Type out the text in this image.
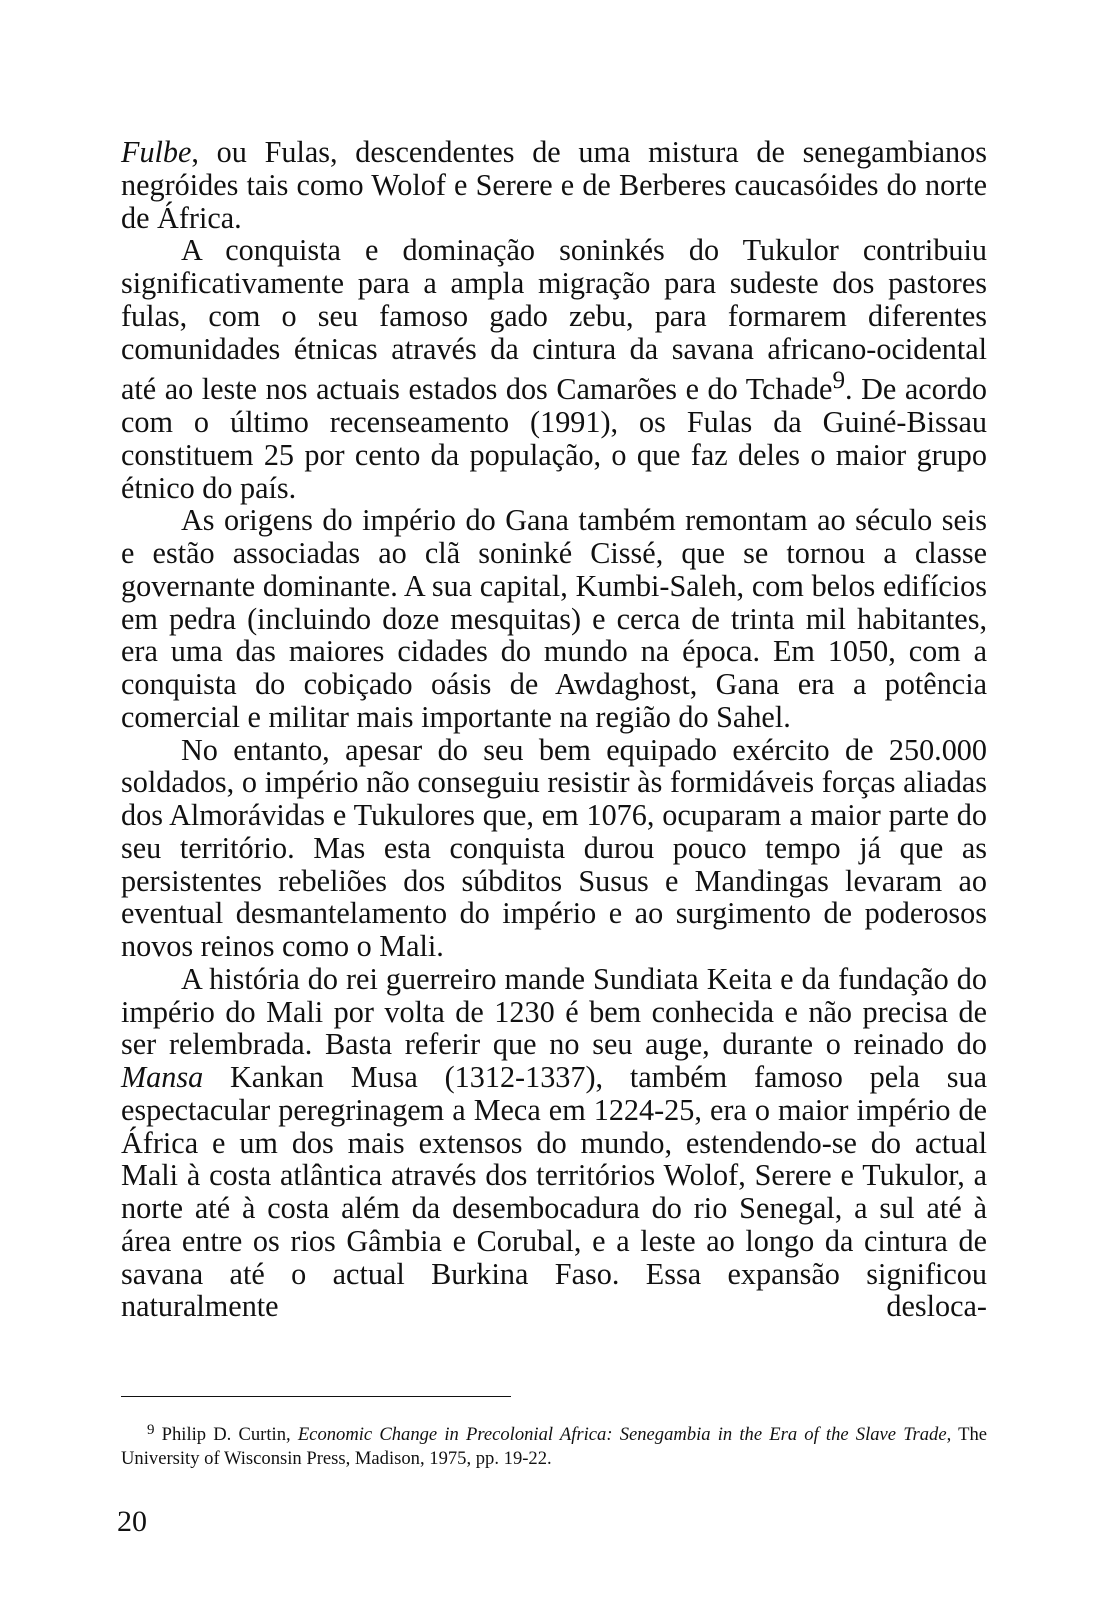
Fulbe, ou Fulas, descendentes de uma mistura de senegambianos negróides tais como Wolof e Serere e de Berberes caucasóides do norte de África.

A conquista e dominação soninkés do Tukulor contribuiu significativamente para a ampla migração para sudeste dos pastores fulas, com o seu famoso gado zebu, para formarem diferentes comunidades étnicas através da cintura da savana africano-ocidental até ao leste nos actuais estados dos Camarões e do Tchade$^9$. De acordo com o último recenseamento (1991), os Fulas da Guiné-Bissau constituem 25 por cento da população, o que faz deles o maior grupo étnico do país.

As origens do império do Gana também remontam ao século seis e estão associadas ao clã soninké Cissé, que se tornou a classe governante dominante. A sua capital, Kumbi-Saleh, com belos edifícios em pedra (incluindo doze mesquitas) e cerca de trinta mil habitantes, era uma das maiores cidades do mundo na época. Em 1050, com a conquista do cobiçado oásis de Awdaghost, Gana era a potência comercial e militar mais importante na região do Sahel.

No entanto, apesar do seu bem equipado exército de 250.000 soldados, o império não conseguiu resistir às formidáveis forças aliadas dos Almorávidas e Tukulores que, em 1076, ocuparam a maior parte do seu território. Mas esta conquista durou pouco tempo já que as persistentes rebeliões dos súbditos Susus e Mandingas levaram ao eventual desmantelamento do império e ao surgimento de poderosos novos reinos como o Mali.

A história do rei guerreiro mande Sundiata Keita e da fundação do império do Mali por volta de 1230 é bem conhecida e não precisa de ser relembrada. Basta referir que no seu auge, durante o reinado do Mansa Kankan Musa (1312-1337), também famoso pela sua espectacular peregrinagem a Meca em 1224-25, era o maior império de África e um dos mais extensos do mundo, estendendo-se do actual Mali à costa atlântica através dos territórios Wolof, Serere e Tukulor, a norte até à costa além da desembocadura do rio Senegal, a sul até à área entre os rios Gâmbia e Corubal, e a leste ao longo da cintura de savana até o actual Burkina Faso. Essa expansão significou naturalmente desloca-

$^9$ Philip D. Curtin, Economic Change in Precolonial Africa: Senegambia in the Era of the Slave Trade, The University of Wisconsin Press, Madison, 1975, pp. 19-22.

20
